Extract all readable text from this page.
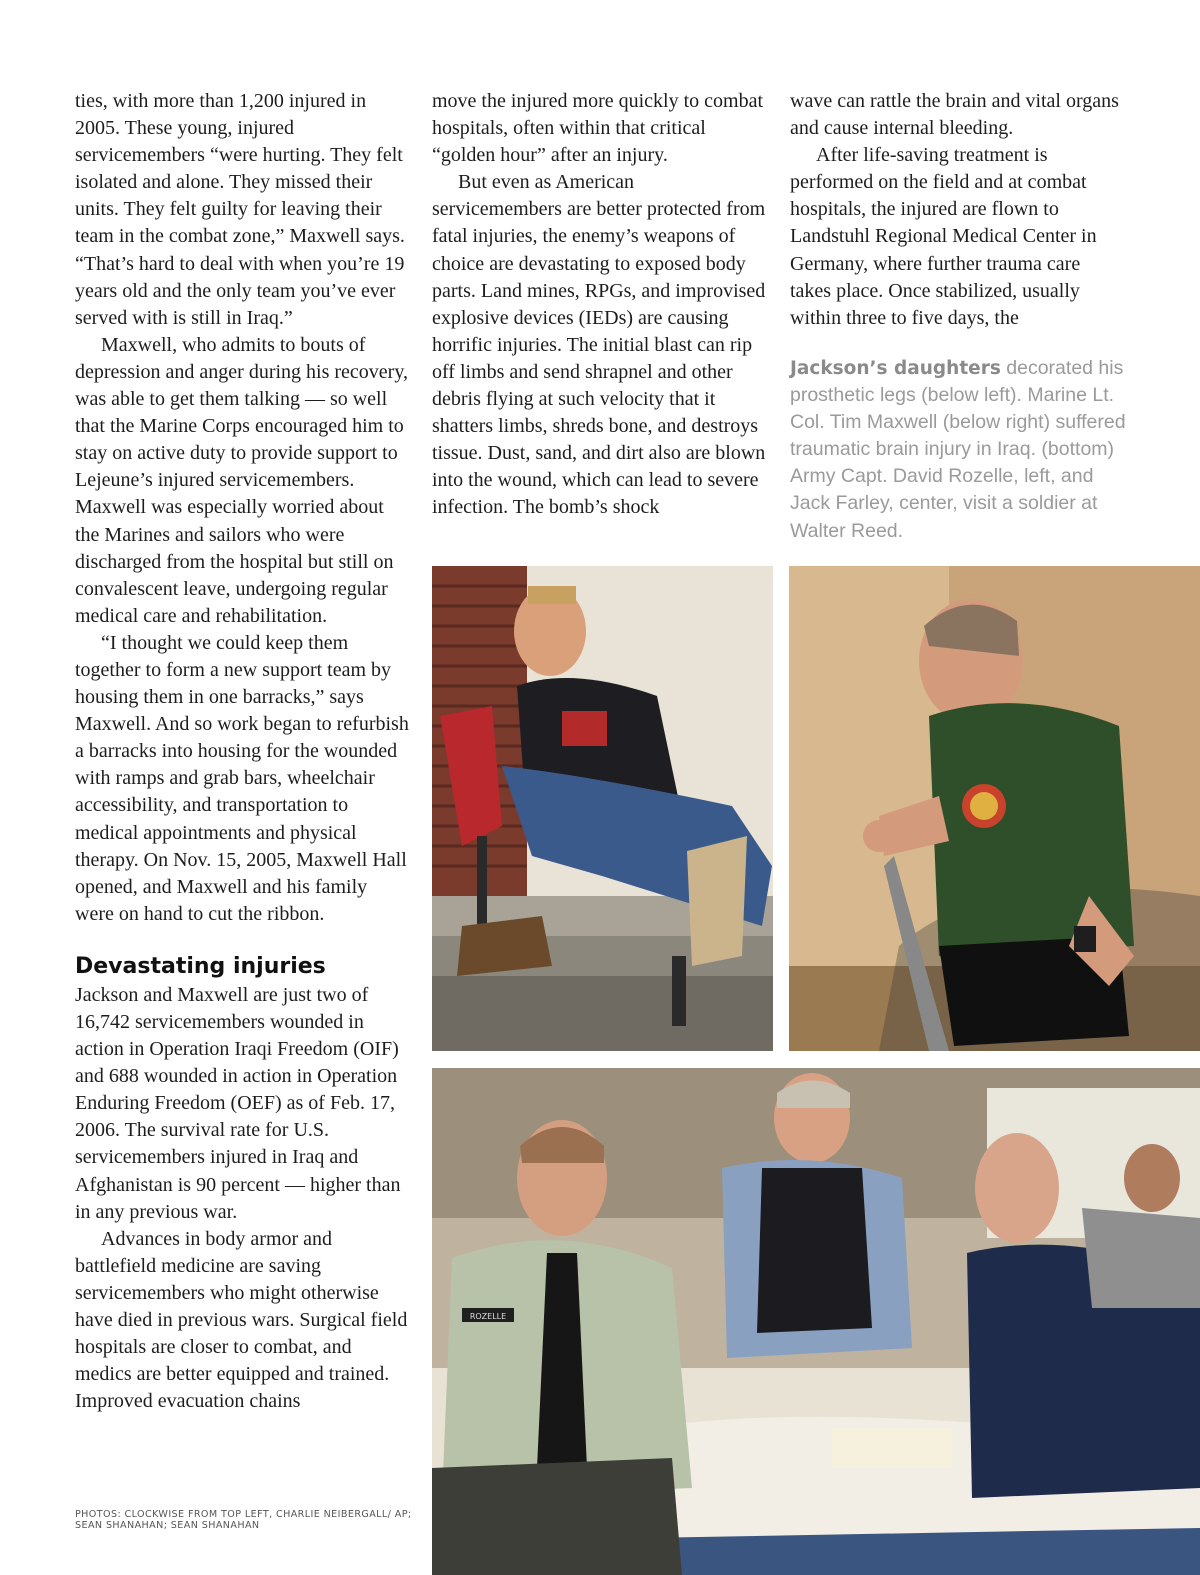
ties, with more than 1,200 injured in 2005. These young, injured servicemembers “were hurting. They felt isolated and alone. They missed their units. They felt guilty for leaving their team in the combat zone,” Maxwell says. “That’s hard to deal with when you’re 19 years old and the only team you’ve ever served with is still in Iraq.”

Maxwell, who admits to bouts of depression and anger during his recovery, was able to get them talking — so well that the Marine Corps encouraged him to stay on active duty to provide support to Lejeune’s injured servicemembers. Maxwell was especially worried about the Marines and sailors who were discharged from the hospital but still on convalescent leave, undergoing regular medical care and rehabilitation.

“I thought we could keep them together to form a new support team by housing them in one barracks,” says Maxwell. And so work began to refurbish a barracks into housing for the wounded with ramps and grab bars, wheelchair accessibility, and transportation to medical appointments and physical therapy. On Nov. 15, 2005, Maxwell Hall opened, and Maxwell and his family were on hand to cut the ribbon.

Devastating injuries

Jackson and Maxwell are just two of 16,742 servicemembers wounded in action in Operation Iraqi Freedom (OIF) and 688 wounded in action in Operation Enduring Freedom (OEF) as of Feb. 17, 2006. The survival rate for U.S. servicemembers injured in Iraq and Afghanistan is 90 percent — higher than in any previous war.

Advances in body armor and battlefield medicine are saving servicemembers who might otherwise have died in previous wars. Surgical field hospitals are closer to combat, and medics are better equipped and trained. Improved evacuation chains

move the injured more quickly to combat hospitals, often within that critical “golden hour” after an injury.

But even as American servicemembers are better protected from fatal injuries, the enemy’s weapons of choice are devastating to exposed body parts. Land mines, RPGs, and improvised explosive devices (IEDs) are causing horrific injuries. The initial blast can rip off limbs and send shrapnel and other debris flying at such velocity that it shatters limbs, shreds bone, and destroys tissue. Dust, sand, and dirt also are blown into the wound, which can lead to severe infection. The bomb’s shock

wave can rattle the brain and vital organs and cause internal bleeding.

After life-saving treatment is performed on the field and at combat hospitals, the injured are flown to Landstuhl Regional Medical Center in Germany, where further trauma care takes place. Once stabilized, usually within three to five days, the

Jackson’s daughters decorated his prosthetic legs (below left). Marine Lt. Col. Tim Maxwell (below right) suffered traumatic brain injury in Iraq. (bottom) Army Capt. David Rozelle, left, and Jack Farley, center, visit a soldier at Walter Reed.
ROZELLE
PHOTOS: CLOCKWISE FROM TOP LEFT, CHARLIE NEIBERGALL/ AP; SEAN SHANAHAN; SEAN SHANAHAN
